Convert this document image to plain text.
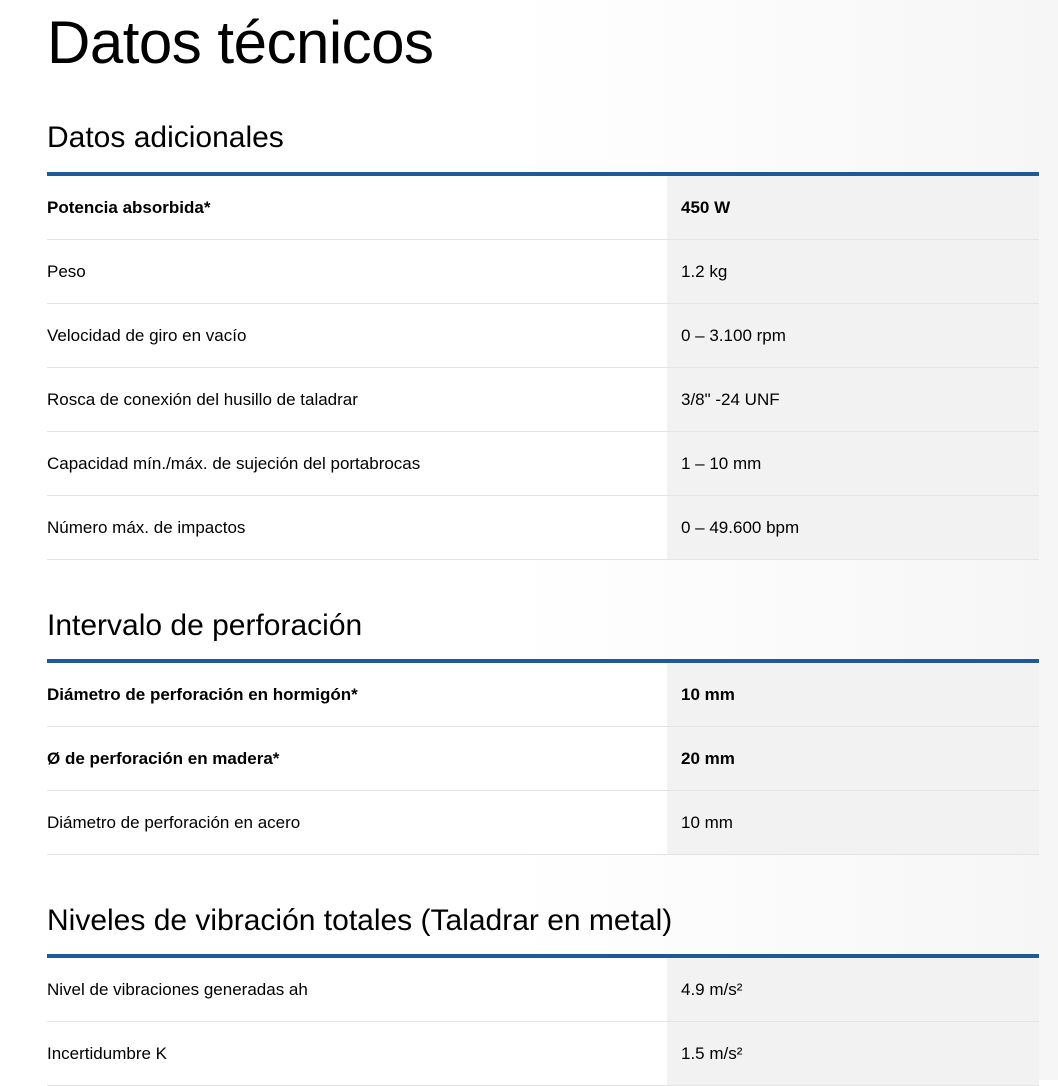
Datos técnicos
Datos adicionales
Potencia absorbida*	450 W
Peso	1.2 kg
Velocidad de giro en vacío	0 – 3.100 rpm
Rosca de conexión del husillo de taladrar	3/8" -24 UNF
Capacidad mín./máx. de sujeción del portabrocas	1 – 10 mm
Número máx. de impactos	0 – 49.600 bpm
Intervalo de perforación
Diámetro de perforación en hormigón*	10 mm
Ø de perforación en madera*	20 mm
Diámetro de perforación en acero	10 mm
Niveles de vibración totales (Taladrar en metal)
Nivel de vibraciones generadas ah	4.9 m/s²
Incertidumbre K	1.5 m/s²
